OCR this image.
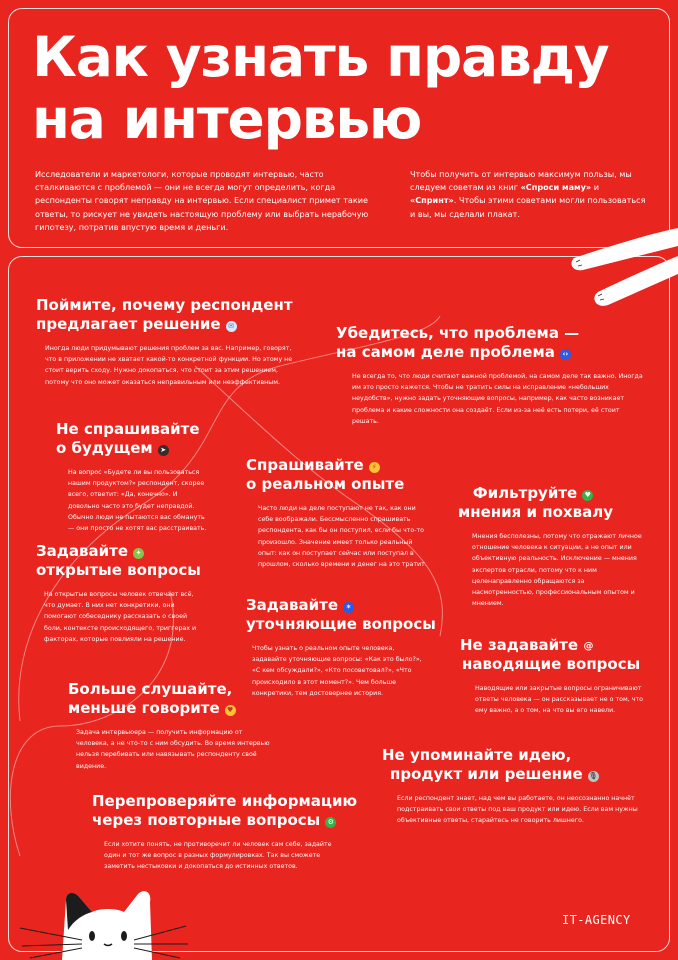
Как узнать правду
на интервью

Исследователи и маркетологи, которые проводят интервью, часто сталкиваются с проблемой — они не всегда могут определить, когда респонденты говорят неправду на интервью. Если специалист примет такие ответы, то рискует не увидеть настоящую проблему или выбрать нерабочую гипотезу, потратив впустую время и деньги.

Чтобы получить от интервью максимум пользы, мы следуем советам из книг «Спроси маму» и «Спринт». Чтобы этими советами могли пользоваться и вы, мы сделали плакат.

Поймите, почему респондент
предлагает решение ✉

Иногда люди придумывают решения проблем за вас. Например, говорят, что в приложении не хватает какой-то конкретной функции. Но этому не стоит верить сходу. Нужно докопаться, что стоит за этим решением, потому что оно может оказаться неправильным или неэффективным.

Убедитесь, что проблема —
на самом деле проблема ‹›

Не всегда то, что люди считают важной проблемой, на самом деле так важно. Иногда им это просто кажется. Чтобы не тратить силы на исправление «небольших неудобств», нужно задать уточняющие вопросы, например, как часто возникает проблема и какие сложности она создаёт. Если из-за неё есть потери, её стоит решать.

Не спрашивайте
о будущем ➤

На вопрос «Будете ли вы пользоваться нашим продуктом?» респондент, скорее всего, ответит: «Да, конечно». И довольно часто это будет неправдой. Обычно люди не пытаются вас обмануть — они просто не хотят вас расстраивать.

Спрашивайте ⚡
о реальном опыте

Часто люди на деле поступают не так, как они себе воображали. Бессмысленно спрашивать респондента, как бы он поступил, если бы что-то произошло. Значение имеет только реальный опыт: как он поступает сейчас или поступал в прошлом, сколько времени и денег на это тратит.

Фильтруйте ♥
мнения и похвалу

Мнения бесполезны, потому что отражают личное отношение человека к ситуации, а не опыт или объективную реальность. Исключение — мнения экспертов отрасли, потому что к ним целенаправленно обращаются за насмотренностью, профессиональным опытом и мнением.

Задавайте ✦
открытые вопросы

На открытые вопросы человек отвечает всё, что думает. В них нет конкретики, они помогают собеседнику рассказать о своей боли, контексте происходящего, триггерах и факторах, которые повлияли на решение.

Задавайте ✶
уточняющие вопросы

Чтобы узнать о реальном опыте человека, задавайте уточняющие вопросы: «Как это было?», «С кем обсуждали?», «Кто посоветовал?», «Что происходило в этот момент?». Чем больше конкретики, тем достовернее история.

Не задавайте @
наводящие вопросы

Наводящие или закрытые вопросы ограничивают ответы человека — он рассказывает не о том, что ему важно, а о том, на что вы его навели.

Больше слушайте,
меньше говорите ♥

Задача интервьюера — получить информацию от человека, а не что-то с ним обсудить. Во время интервью нельзя перебивать или навязывать респонденту своё видение.

Не упоминайте идею,
продукт или решение 🎙

Если респондент знает, над чем вы работаете, он неосознанно начнёт подстраивать свои ответы под ваш продукт или идею. Если вам нужны объективные ответы, старайтесь не говорить лишнего.

Перепроверяйте информацию
через повторные вопросы ⚙

Если хотите понять, не противоречит ли человек сам себе, задайте один и тот же вопрос в разных формулировках. Так вы сможете заметить нестыковки и докопаться до истинных ответов.

IT-AGENCY
